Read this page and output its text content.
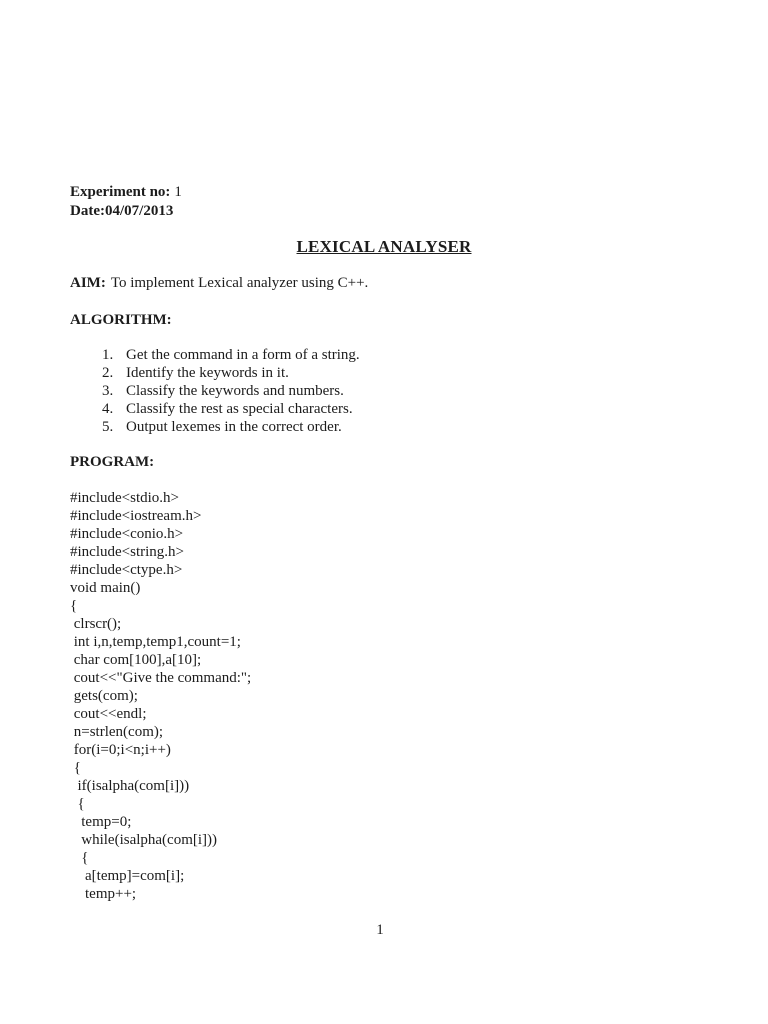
Experiment no: 1
Date:04/07/2013
LEXICAL ANALYSER
AIM: To implement Lexical analyzer using C++.
ALGORITHM:
1. Get the command in a form of a string.
2. Identify the keywords in it.
3. Classify the keywords and numbers.
4. Classify the rest as special characters.
5. Output lexemes in the correct order.
PROGRAM:
#include<stdio.h>
#include<iostream.h>
#include<conio.h>
#include<string.h>
#include<ctype.h>
void main()
{
clrscr();
int i,n,temp,temp1,count=1;
char com[100],a[10];
cout<<"Give the command:";
gets(com);
cout<<endl;
n=strlen(com);
for(i=0;i<n;i++)
{
if(isalpha(com[i]))
{
temp=0;
while(isalpha(com[i]))
{
a[temp]=com[i];
temp++;
1
